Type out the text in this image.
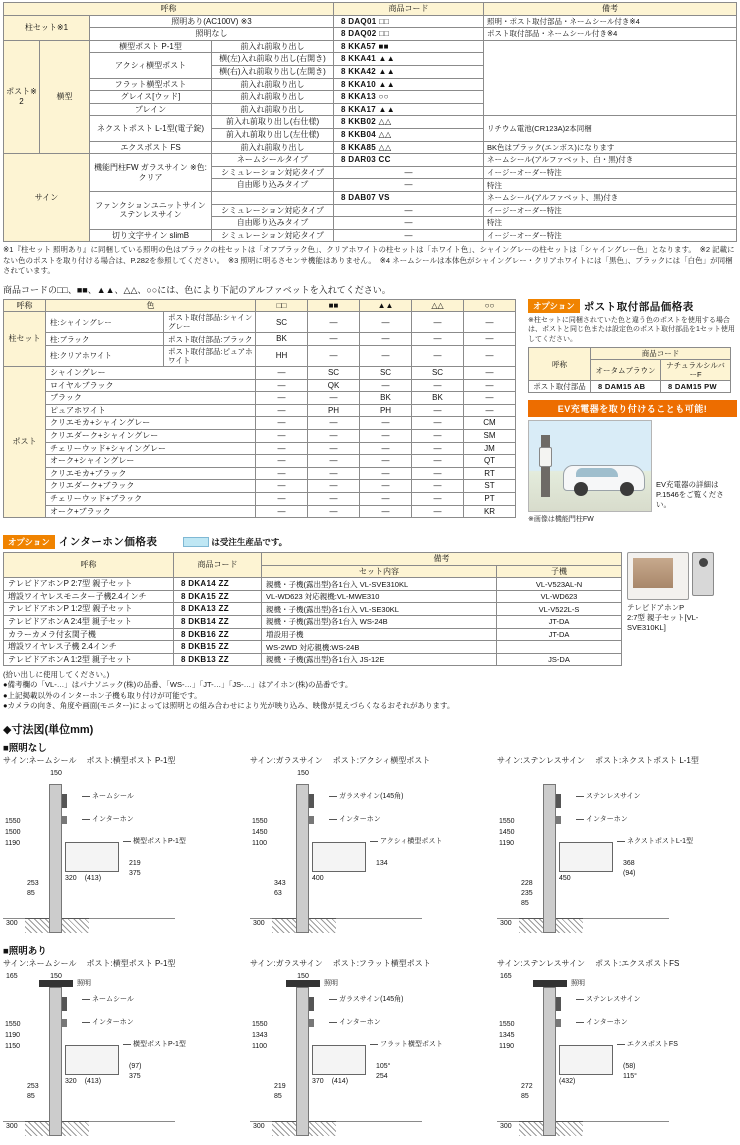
呼称				商品コード	備考
柱セット※1		照明あり(AC100V) ※3		8 DAQ01 □□	照明・ポスト取付部品・ネームシール付き※4
		照明なし		8 DAQ02 □□	ポスト取付部品・ネームシール付き※4
ポスト※2	横型	横型ポスト P-1型	前入れ前取り出し	8 KKA57 ■■	
		アクシィ横型ポスト	横(左)入れ前取り出し(右開き)	8 KKA41 ▲▲	
			横(右)入れ前取り出し(左開き)	8 KKA42 ▲▲	
		フラット横型ポスト	前入れ前取り出し	8 KKA10 ▲▲	
		グレイス[ウッド]	前入れ前取り出し	8 KKA13 ○○	
		プレイン	前入れ前取り出し	8 KKA17 ▲▲	
		ネクストポスト L-1型(電子錠)	前入れ前取り出し(右仕様)	8 KKB02 △△	リチウム電池(CR123A)2本同梱
			前入れ前取り出し(左仕様)	8 KKB04 △△	
		エクスポスト FS	前入れ前取り出し	8 KKA85 △△	BK色はブラック(エンボス)になります
サイン		機能門柱FW ガラスサイン ※色:クリア	ネームシールタイプ	8 DAR03 CC	ネームシール(アルファベット、白・黒)付き
			シミュレーション対応タイプ	―	イージーオーダー特注
			自由彫り込みタイプ	―	特注
		ファンクションユニットサイン ステンレスサイン		8 DAB07 VS	ネームシール(アルファベット、黒)付き
			シミュレーション対応タイプ	―	イージーオーダー特注
			自由彫り込みタイプ	―	特注
		切り文字サイン slimB	シミュレーション対応タイプ	―	イージーオーダー特注
※1『柱セット 照明あり』に同梱している照明の色はブラックの柱セットは「オフブラック色」、クリアホワイトの柱セットは「ホワイト色」、シャイングレーの柱セットは「シャイングレー色」となります。　※2 記載にない色のポストを取り付ける場合は、P.282を参照してください。　※3 照明に明るさセンサ機能はありません。　※4 ネームシールは本体色がシャイングレー・クリアホワイトには「黒色」、ブラックには「白色」が同梱されています。
商品コードの□□、■■、▲▲、△△、○○には、色により下記のアルファベットを入れてください。
呼称	色		□□	■■	▲▲	△△	○○
柱セット	柱:シャイングレー	ポスト取付部品:シャイングレー	SC	―	―	―	―
	柱:ブラック	ポスト取付部品:ブラック	BK	―	―	―	―
	柱:クリアホワイト	ポスト取付部品:ピュアホワイト	HH	―	―	―	―
ポスト	シャイングレー		―	SC	SC	SC	―
	ロイヤルブラック		―	QK	―	―	―
	ブラック		―	―	BK	BK	―
	ピュアホワイト		―	PH	PH	―	―
	クリエモカ+シャイングレー		―	―	―	―	CM
	クリエダーク+シャイングレー		―	―	―	―	SM
	チェリーウッド+シャイングレー		―	―	―	―	JM
	オーク+シャイングレー		―	―	―	―	QT
	クリエモカ+ブラック		―	―	―	―	RT
	クリエダーク+ブラック		―	―	―	―	ST
	チェリーウッド+ブラック		―	―	―	―	PT
	オーク+ブラック		―	―	―	―	KR
オプション ポスト取付部品価格表
※柱セットに同梱されていた色と違う色のポストを使用する場合は、ポストと同じ色または設定色のポスト取付部品を1セット使用してください。
呼称	商品コード	
	オータムブラウン	ナチュラルシルバーF
ポスト取付部品	8 DAM15 AB	8 DAM15 PW
EV充電器を取り付けることも可能!
EV充電器の詳細は
P.1546をご覧ください。
※画像は機能門柱FW
オプション インターホン価格表	は受注生産品です。
呼称	商品コード	備考	
		セット内容	子機
テレビドアホンP 2:7型 親子セット	8 DKA14 ZZ	親機・子機(露出型)各1台入 VL-SVE310KL	VL-V523AL-N
増設ワイヤレスモニター子機2.4インチ	8 DKA15 ZZ	VL-WD623 対応親機:VL-MWE310	VL-WD623
テレビドアホンP 1:2型 親子セット	8 DKA13 ZZ	親機・子機(露出型)各1台入 VL-SE30KL	VL-V522L-S
テレビドアホンA 2:4型 親子セット	8 DKB14 ZZ	親機・子機(露出型)各1台入 WS-24B	JT-DA
カラーカメラ付玄関子機	8 DKB16 ZZ	増設用子機	JT-DA
増設ワイヤレス子機 2.4インチ	8 DKB15 ZZ	WS-2WD 対応親機:WS-24B	
テレビドアホンA 1:2型 親子セット	8 DKB13 ZZ	親機・子機(露出型)各1台入 JS-12E	JS-DA
(拾い出しに使用してください。)
●備考欄の「VL-…」はパナソニック(株)の品番、「WS-…」「JT-…」「JS-…」はアイホン(株)の品番です。
●上記掲載以外のインターホン子機も取り付けが可能です。
●カメラの向き、角度や画面(モニター)によっては照明との組み合わせにより光が映り込み、映像が見えづらくなるおそれがあります。
テレビドアホンP
2:7型 親子セット[VL-SVE310KL]
◆寸法図(単位mm)
■照明なし
サイン:ネームシール ポスト:横型ポスト P-1型
150
ネームシール
インターホン
横型ポストP-1型
1550
1500
1190
253
85
320 (413)
219
375
300
サイン:ガラスサイン ポスト:アクシィ横型ポスト
150
ガラスサイン(145角)
インターホン
アクシィ横型ポスト
1550
1450
1100
343
63
400
134
300
サイン:ステンレスサイン ポスト:ネクストポスト L-1型
ステンレスサイン
インターホン
ネクストポストL-1型
1550
1450
1190
228
235
85
450
368
(94)
300
■照明あり
サイン:ネームシール ポスト:横型ポスト P-1型
照明
165	150
ネームシール
インターホン
横型ポストP-1型
1550
1190
1150
253
85
320 (413)
(97)
375
300
サイン:ガラスサイン ポスト:フラット横型ポスト
照明
150
ガラスサイン(145角)
インターホン
フラット横型ポスト
1550
1343
1100
219
85
370 (414)
105°
254
300
サイン:ステンレスサイン ポスト:エクスポストFS
照明
165
ステンレスサイン
インターホン
エクスポストFS
1550
1345
1190
272
85
(432)
(58)
115°
300
